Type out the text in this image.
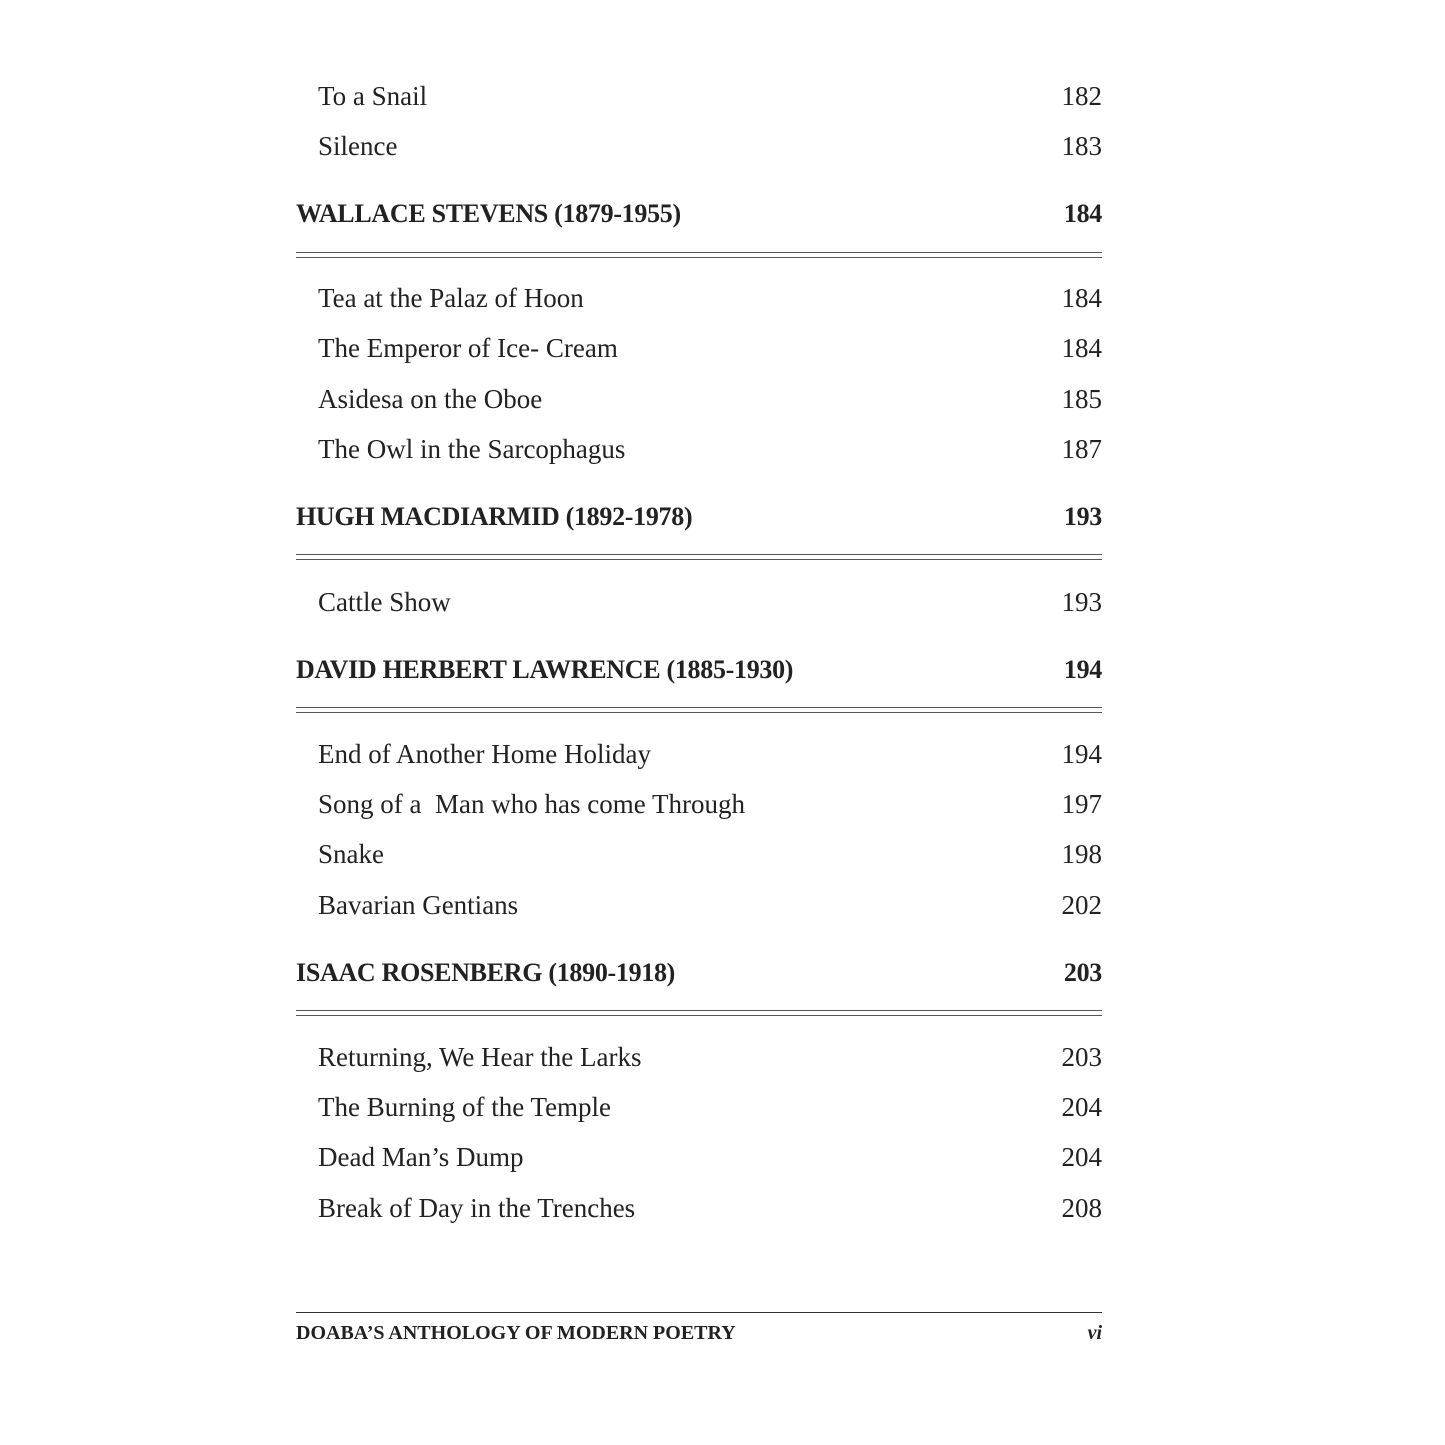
To a Snail	182
Silence	183
WALLACE STEVENS (1879-1955)	184
Tea at the Palaz of Hoon	184
The Emperor of Ice- Cream	184
Asidesa on the Oboe	185
The Owl in the Sarcophagus	187
HUGH MACDIARMID (1892-1978)	193
Cattle Show	193
DAVID HERBERT LAWRENCE (1885-1930)	194
End of Another Home Holiday	194
Song of a  Man who has come Through	197
Snake	198
Bavarian Gentians	202
ISAAC ROSENBERG (1890-1918)	203
Returning, We Hear the Larks	203
The Burning of the Temple	204
Dead Man’s Dump	204
Break of Day in the Trenches	208
DOABA’S ANTHOLOGY OF MODERN POETRY	vi
